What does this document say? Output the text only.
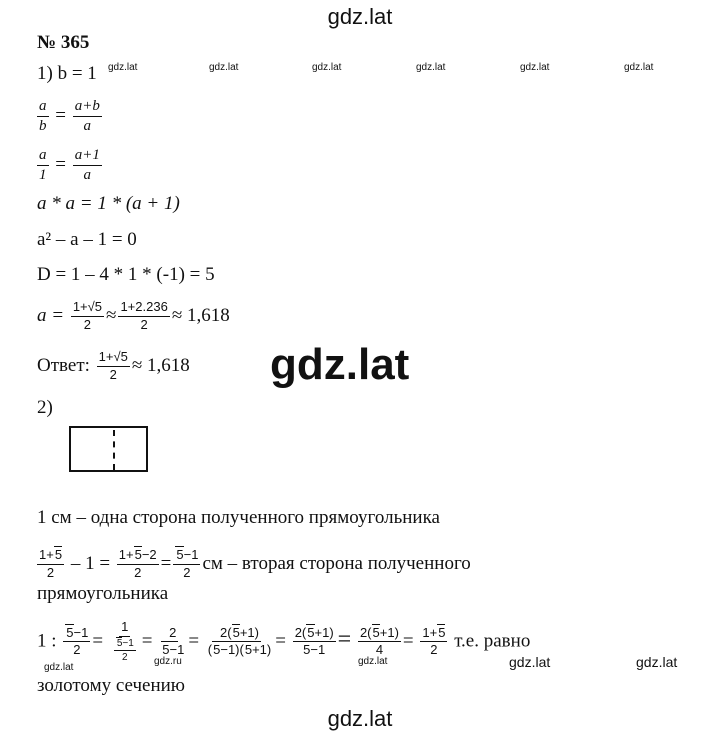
gdz.lat
gdz.lat
gdz.lat
gdz.lat	gdz.lat	gdz.lat	gdz.lat	gdz.lat	gdz.lat
gdz.lat
gdz.ru	gdz.lat	gdz.lat	gdz.lat
№ 365
1) b = 1
$\frac{a}{b} = \frac{a+b}{a}$
$\frac{a}{1} = \frac{a+1}{a}$
a * a = 1 * (a + 1)
a² – a – 1 = 0
D = 1 – 4 * 1 * (-1) = 5
$a = \frac{1+√5}{2} \approx \frac{1+2.236}{2} \approx 1,618$
Ответ: $\frac{1+√5}{2} \approx 1,618$
2)
1 см – одна сторона полученного прямоугольника
$\frac{1+5}{2} - 1 = \frac{1+5-2}{2} = \frac{5-1}{2}$ см – вторая сторона полученного
прямоугольника
1 : $\frac{5-1}{2} = \frac{1}{\frac{5-1}{2}} = \frac{2}{5-1} = \frac{2(5+1)}{(5-1)(5+1)} = \frac{2(5+1)}{5-1} = \frac{2(5+1)}{4} = \frac{1+5}{2} т.е$. равно
золотому сечению
